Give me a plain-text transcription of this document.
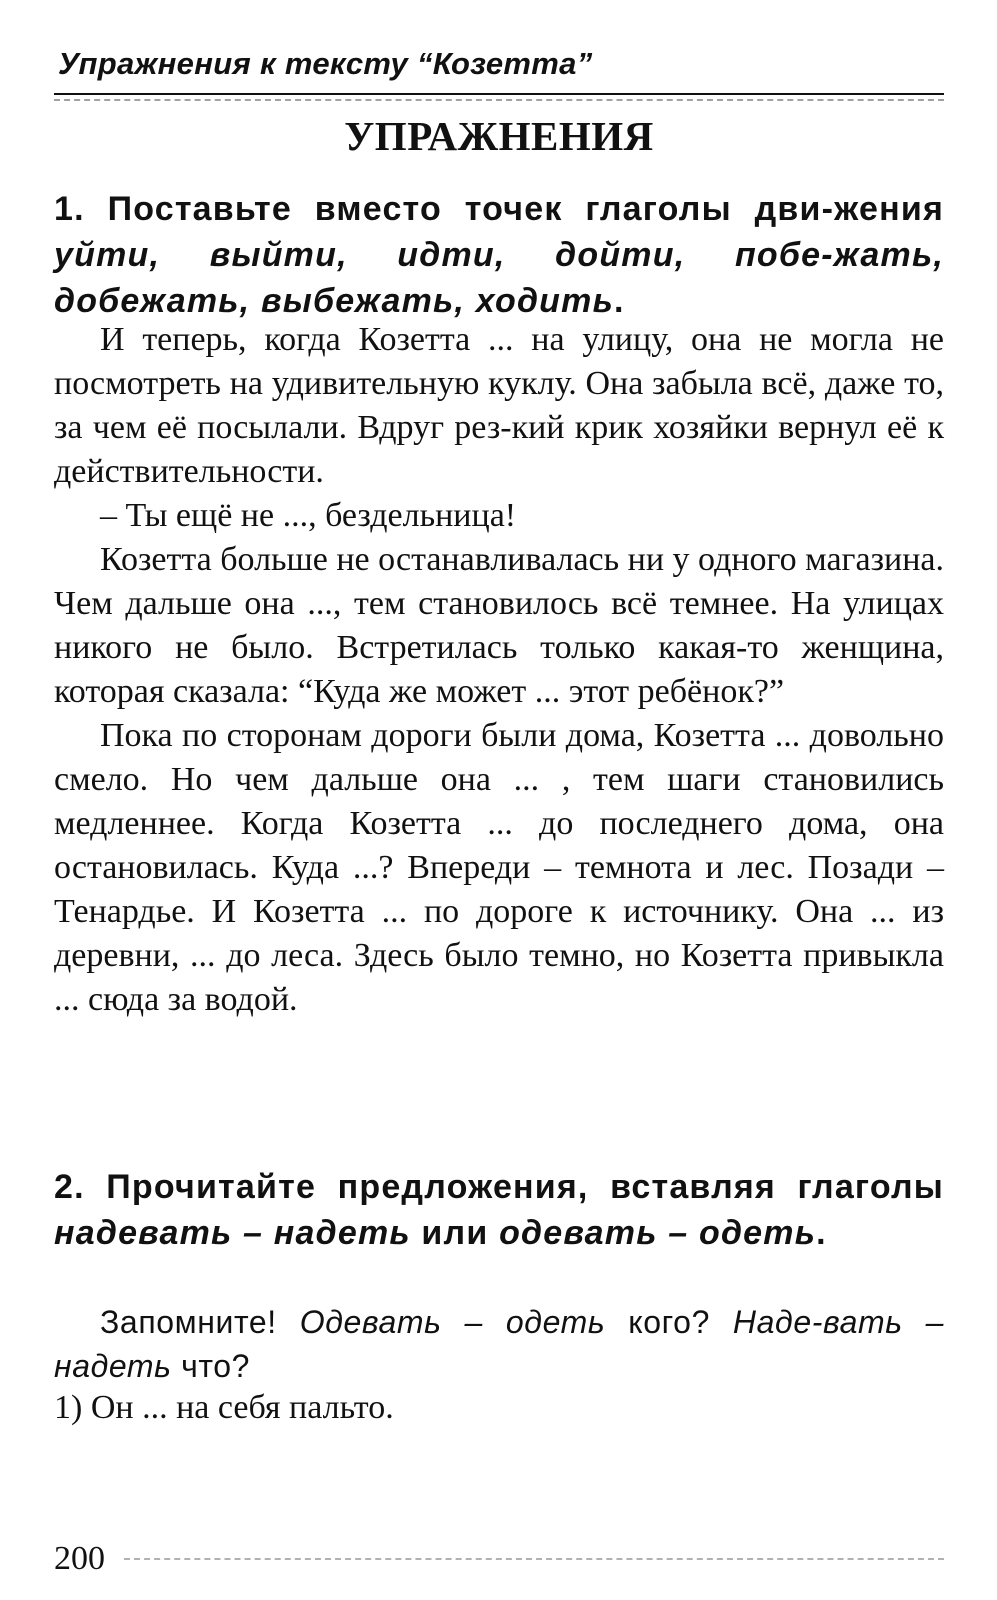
Упражнения к тексту “Козетта”
УПРАЖНЕНИЯ
1. Поставьте вместо точек глаголы дви-жения уйти, выйти, идти, дойти, побе-жать, добежать, выбежать, ходить.

И теперь, когда Козетта ... на улицу, она не могла не посмотреть на удивительную куклу. Она забыла всё, даже то, за чем её посылали. Вдруг рез-кий крик хозяйки вернул её к действительности.

– Ты ещё не ..., бездельница!

Козетта больше не останавливалась ни у одного магазина. Чем дальше она ..., тем становилось всё темнее. На улицах никого не было. Встретилась только какая-то женщина, которая сказала: “Куда же может ... этот ребёнок?”

Пока по сторонам дороги были дома, Козетта ... довольно смело. Но чем дальше она ... , тем шаги становились медленнее. Когда Козетта ... до последнего дома, она остановилась. Куда ...? Впереди – темнота и лес. Позади – Тенардье. И Козетта ... по дороге к источнику. Она ... из деревни, ... до леса. Здесь было темно, но Козетта привыкла ... сюда за водой.

2. Прочитайте предложения, вставляя глаголы надевать – надеть или одевать – одеть.

Запомните! Одевать – одеть кого? Наде-вать – надеть что?

1) Он ... на себя пальто.
200
